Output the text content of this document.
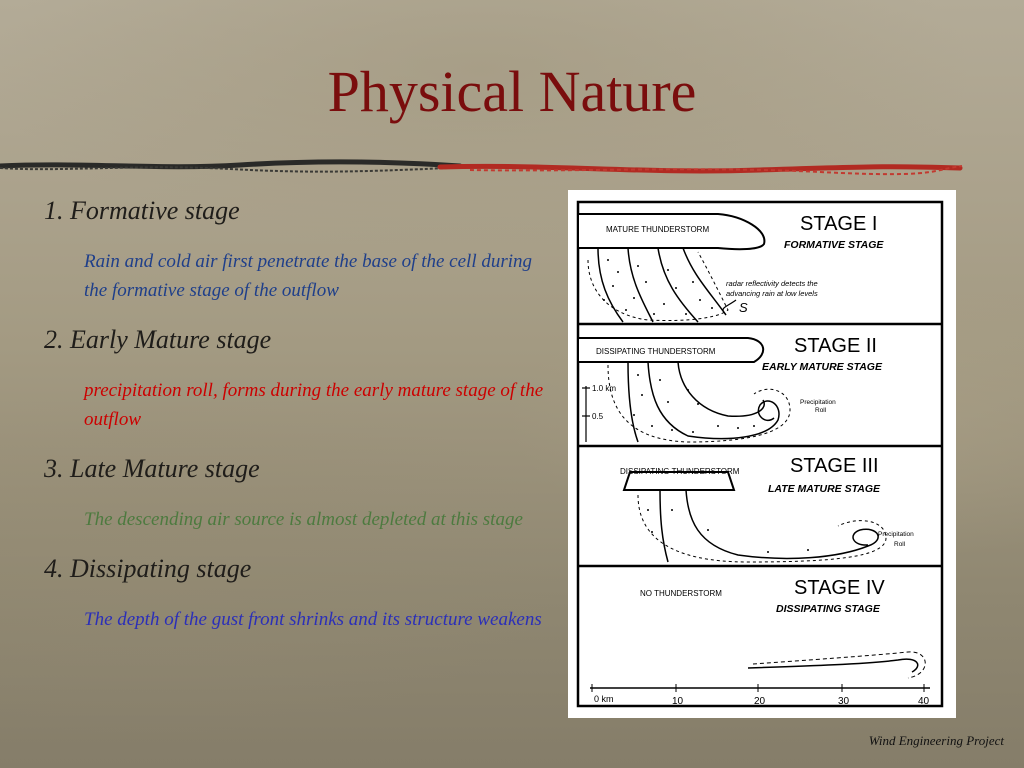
Physical Nature
1. Formative stage
Rain and cold air first penetrate the base of the cell during the formative stage of the outflow
2. Early Mature stage
precipitation roll, forms during the early mature stage of the outflow
3. Late Mature stage
The descending air source is almost depleted at this stage
4. Dissipating stage
The depth of the gust front shrinks and its structure weakens
MATURE THUNDERSTORM	STAGE I
FORMATIVE STAGE
radar reflectivity detects the
advancing rain at low levels
S
DISSIPATING THUNDERSTORM
1.0 km
0.5
STAGE II
EARLY MATURE STAGE
Precipitation
Roll
DISSIPATING THUNDERSTORM	STAGE III
LATE MATURE STAGE
Precipitation
Roll
NO THUNDERSTORM	STAGE IV
DISSIPATING STAGE
0 km	10	20	30	40
Wind Engineering Project
